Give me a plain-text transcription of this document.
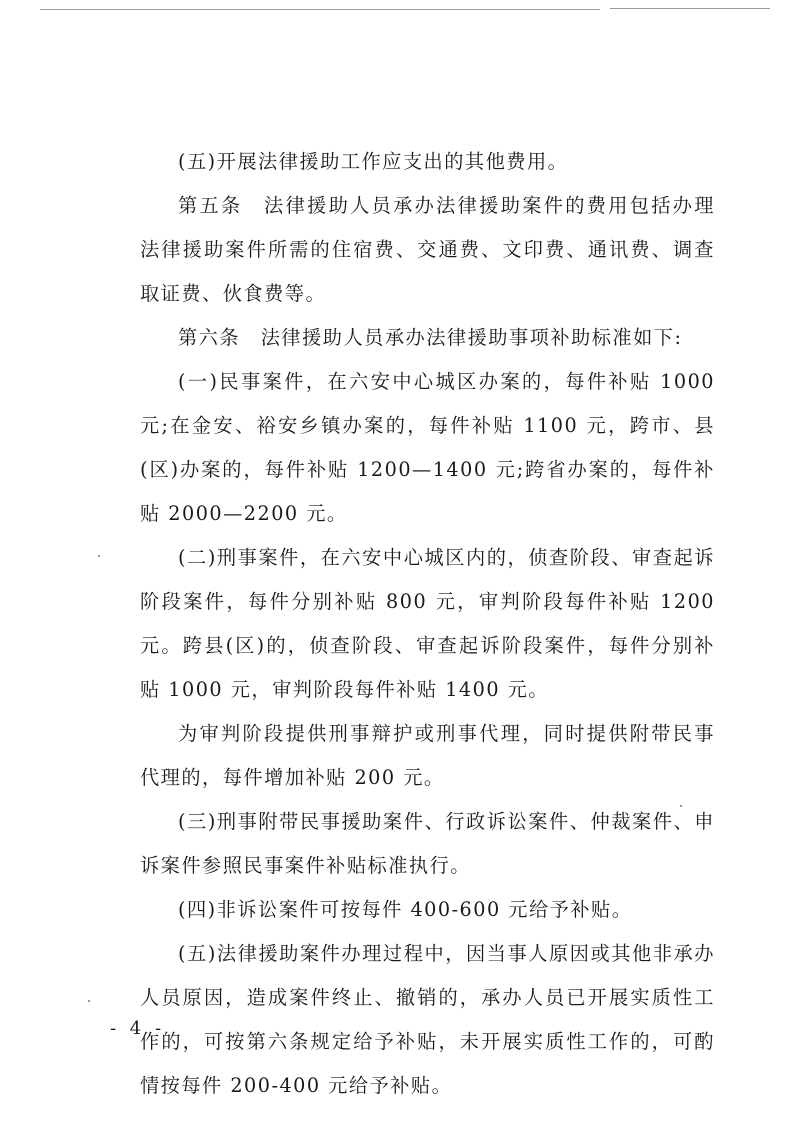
(五)开展法律援助工作应支出的其他费用。

第五条　法律援助人员承办法律援助案件的费用包括办理法律援助案件所需的住宿费、交通费、文印费、通讯费、调查取证费、伙食费等。

第六条　法律援助人员承办法律援助事项补助标准如下:

(一)民事案件，在六安中心城区办案的，每件补贴 1000 元;在金安、裕安乡镇办案的，每件补贴 1100 元，跨市、县(区)办案的，每件补贴 1200—1400 元;跨省办案的，每件补贴 2000—2200 元。

(二)刑事案件，在六安中心城区内的，侦查阶段、审查起诉阶段案件，每件分别补贴 800 元，审判阶段每件补贴 1200 元。跨县(区)的，侦查阶段、审查起诉阶段案件，每件分别补贴 1000 元，审判阶段每件补贴 1400 元。

为审判阶段提供刑事辩护或刑事代理，同时提供附带民事代理的，每件增加补贴 200 元。

(三)刑事附带民事援助案件、行政诉讼案件、仲裁案件、申诉案件参照民事案件补贴标准执行。

(四)非诉讼案件可按每件 400-600 元给予补贴。

(五)法律援助案件办理过程中，因当事人原因或其他非承办人员原因，造成案件终止、撤销的，承办人员已开展实质性工作的，可按第六条规定给予补贴，未开展实质性工作的，可酌情按每件 200-400 元给予补贴。

- 4 -
